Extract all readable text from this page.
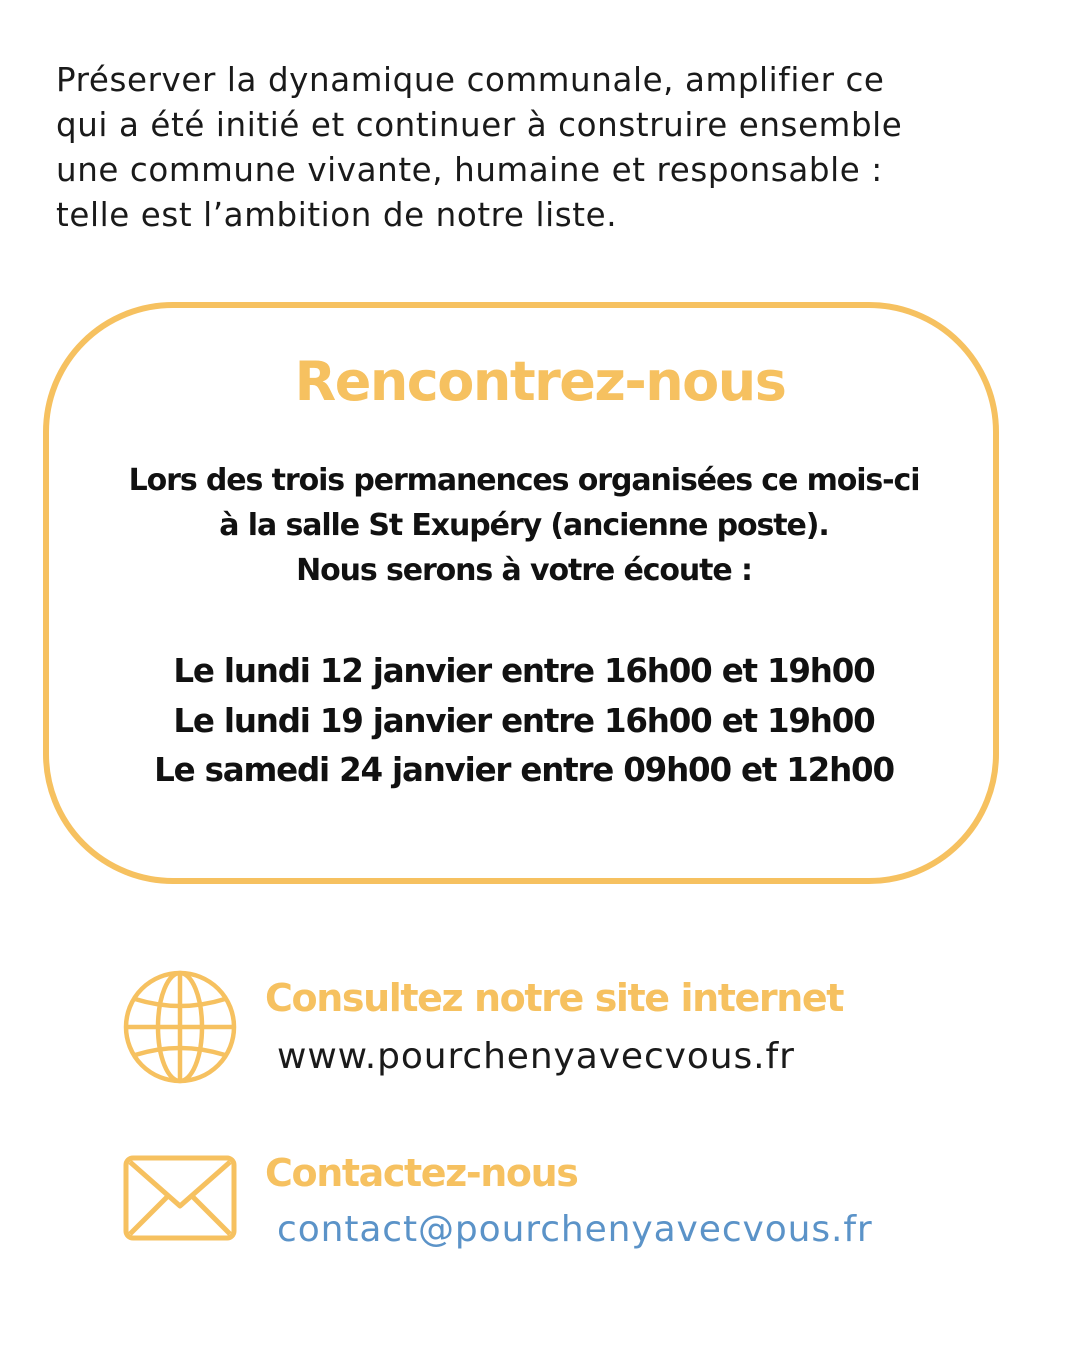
Préserver la dynamique communale, amplifier ce
qui a été initié et continuer à construire ensemble
une commune vivante, humaine et responsable :
telle est l’ambition de notre liste.
Rencontrez-nous
Lors des trois permanences organisées ce mois-ci
à la salle St Exupéry (ancienne poste).
Nous serons à votre écoute :
Le lundi 12 janvier entre 16h00 et 19h00
Le lundi 19 janvier entre 16h00 et 19h00
Le samedi 24 janvier entre 09h00 et 12h00
Consultez notre site internet
www.pourchenyavecvous.fr
Contactez-nous
contact@pourchenyavecvous.fr
